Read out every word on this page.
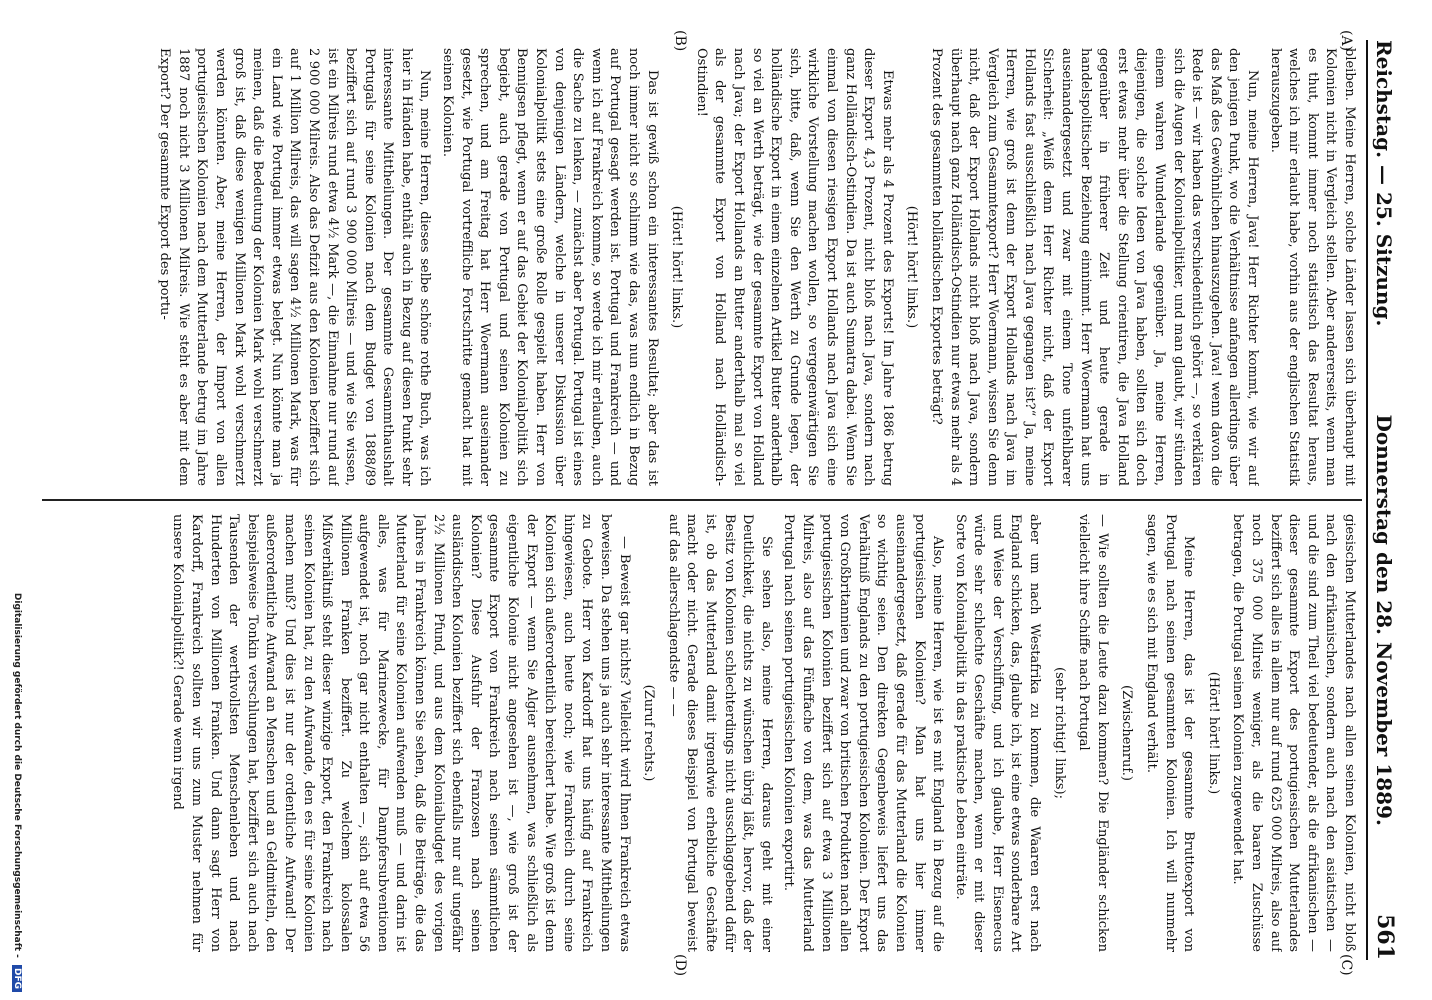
Reichstag. — 25. Sitzung.
Donnerstag den 28. November 1889.
561
(A)
(B)
(C)
(D)

bleiben. Meine Herren, solche Länder lassen sich überhaupt mit Kolonien nicht in Vergleich stellen. Aber andererseits, wenn man es thut, kommt immer noch statistisch das Resultat heraus, welches ich mir erlaubt habe, vorhin aus der englischen Statistik herauszugeben.

Nun, meine Herren, Java! Herr Richter kommt, wie wir auf den jenigen Punkt, wo die Verhältnisse anfangen allerdings über das Maß des Gewöhnlichen hinauszugehen. Java! wenn davon die Rede ist — wir haben das verschiedentlich gehört —, so verklären sich die Augen der Kolonialpolitiker, und man glaubt, wir stünden einem wahren Wunderlande gegenüber. Ja, meine Herren, diejenigen, die solche Ideen von Java haben, sollten sich doch erst etwas mehr über die Stellung orientiren, die Java Holland gegenüber in früherer Zeit und heute gerade in handelspolitischer Beziehung einnimmt. Herr Woermann hat uns auseinandergesetzt und zwar mit einem Tone unfehlbarer Sicherheit: „Weiß denn Herr Richter nicht, daß der Export Hollands fast ausschließlich nach Java gegangen ist?“ Ja, meine Herren, wie groß ist denn der Export Hollands nach Java im Vergleich zum Gesammtexport? Herr Woermann, wissen Sie denn nicht, daß der Export Hollands nicht bloß nach Java, sondern überhaupt nach ganz Holländisch-Ostindien nur etwas mehr als 4 Prozent des gesammten holländischen Exportes beträgt?

(Hört! hört! links.)

Etwas mehr als 4 Prozent des Exports! Im Jahre 1886 betrug dieser Export 4,3 Prozent, nicht bloß nach Java, sondern nach ganz Holländisch-Ostindien. Da ist auch Sumatra dabei. Wenn Sie einmal von diesen riesigen Export Hollands nach Java sich eine wirkliche Vorstellung machen wollen, so vergegenwärtigen Sie sich, bitte, daß, wenn Sie den Werth zu Grunde legen, der holländische Export in einem einzelnen Artikel Butter anderthalb so viel an Werth beträgt, wie der gesammte Export von Holland nach Java; der Export Hollands an Butter anderthalb mal so viel als der gesammte Export von Holland nach Holländisch-Ostindien!

(Hört! hört! links.)

Das ist gewiß schon ein interessantes Resultat; aber das ist noch immer nicht so schlimm wie das, was nun endlich in Bezug auf Portugal gesagt werden ist. Portugal und Frankreich — und wenn ich auf Frankreich komme, so werde ich mir erlauben, auch die Sache zu lenken, — zunächst aber Portugal. Portugal ist eines von denjenigen Ländern, welche in unserer Diskussion über Kolonialpolitik stets eine große Rolle gespielt haben. Herr von Bennigsen pflegt, wenn er auf das Gebiet der Kolonialpolitik sich begiebt, auch gerade von Portugal und seinen Kolonien zu sprechen, und am Freitag hat Herr Woermann auseinander gesetzt, wie Portugal vortreffliche Fortschritte gemacht hat mit seinen Kolonien.

Nun, meine Herren, dieses selbe schöne rothe Buch, was ich hier in Händen habe, enthält auch in Bezug auf diesen Punkt sehr interessante Mittheilungen. Der gesammte Gesammthaushalt Portugals für seine Kolonien nach dem Budget von 1888/89 beziffert sich auf rund 3 900 000 Milreis — und wie Sie wissen, ist ein Milreis rund etwa 4½ Mark —, die Einnahme nur rund auf 2 900 000 Milreis. Also das Defizit aus den Kolonien beziffert sich auf 1 Million Milreis, das will sagen 4½ Millionen Mark, was für ein Land wie Portugal immer etwas belegt. Nun könnte man ja meinen, daß die Bedeutung der Kolonien Mark wohl verschmerzt groß ist, daß diese wenigen Millionen Mark wohl verschmerzt werden könnten. Aber, meine Herren, der Import von allen portugiesischen Kolonien nach dem Mutterlande betrug im Jahre 1887 noch nicht 3 Millionen Milreis. Wie steht es aber mit dem Export? Der gesammte Export des portu-

giesischen Mutterlandes nach allen seinen Kolonien, nicht bloß nach den afrikanischen, sondern auch nach den asiatischen — und die sind zum Theil viel bedeutender, als die afrikanischen — dieser gesammte Export des portugiesischen Mutterlandes beziffert sich alles in allem nur auf rund 625 000 Milreis, also auf noch 375 000 Milreis weniger, als die baaren Zuschüsse betragen, die Portugal seinen Kolonien zugewendet hat.

(Hört! hört! links.)

Meine Herren, das ist der gesammte Bruttoexport von Portugal nach seinen gesammten Kolonien. Ich will nunmehr sagen, wie es sich mit England verhält.

(Zwischenruf.)

— Wie sollten die Leute dazu kommen? Die Engländer schicken vielleicht ihre Schiffe nach Portugal

(sehr richtig! links);

aber um nach Westafrika zu kommen, die Waaren erst nach England schicken, das, glaube ich, ist eine etwas sonderbare Art und Weise der Verschiffung, und ich glaube, Herr Eisenecus würde sehr schlechte Geschäfte machen, wenn er mit dieser Sorte von Kolonialpolitik in das praktische Leben einträte.

Also, meine Herren, wie ist es mit England in Bezug auf die portugiesischen Kolonien? Man hat uns hier immer auseinandergesetzt, daß gerade für das Mutterland die Kolonien so wichtig seien. Den direkten Gegenbeweis liefert uns das Verhältniß Englands zu den portugiesischen Kolonien. Der Export von Großbritannien und zwar von britischen Produkten nach allen portugiesischen Kolonien beziffert sich auf etwa 3 Millionen Milreis, also auf das Fünffache von dem, was das Mutterland Portugal nach seinen portugiesischen Kolonien exportirt.

Sie sehen also, meine Herren, daraus geht mit einer Deutlichkeit, die nichts zu wünschen übrig läßt, hervor, daß der Besitz von Kolonien schlechterdings nicht ausschlaggebend dafür ist, ob das Mutterland damit irgendwie erhebliche Geschäfte macht oder nicht. Gerade dieses Beispiel von Portugal beweist auf das allerschlagendste — —

(Zuruf rechts.)

— Beweist gar nichts? Vielleicht wird Ihnen Frankreich etwas beweisen. Da stehen uns ja auch sehr interessante Mittheilungen zu Gebote. Herr von Kardorff hat uns häufig auf Frankreich hingewiesen, auch heute noch; wie Frankreich durch seine Kolonien sich außerordentlich bereichert habe. Wie groß ist denn der Export — wenn Sie Algier ausnehmen, was schließlich als eigentliche Kolonie nicht angesehen ist —, wie groß ist der gesammte Export von Frankreich nach seinen sämmtlichen Kolonien? Diese Ausfuhr der Franzosen nach seinen ausländischen Kolonien beziffert sich ebenfalls nur auf ungefähr 2½ Millionen Pfund, und aus dem Kolonialbudget des vorigen Jahres in Frankreich können Sie sehen, daß die Beiträge, die das Mutterland für seine Kolonien aufwenden muß — und darin ist alles, was für Marinezwecke, für Dampfersubventionen aufgewendet ist, noch gar nicht enthalten —, sich auf etwa 56 Millionen Franken beziffert. Zu welchem kolossalen Mißverhältniß steht dieser winzige Export, den Frankreich nach seinen Kolonien hat, zu den Aufwande, den es für seine Kolonien machen muß? Und dies ist nur der ordentliche Aufwand! Der außerordentliche Aufwand an Menschen und an Geldmitteln, den beispielsweise Tonkin verschlungen hat, beziffert sich auch nach Tausenden der werthvollsten Menschenleben und nach Hunderten von Millionen Franken. Und dann sagt Herr von Kardorff, Frankreich sollten wir uns zum Muster nehmen für unsere Kolonialpolitik?! Gerade wenn irgend

Digitalisierung gefördert durch die Deutsche Forschungsgemeinschaft - DFG
